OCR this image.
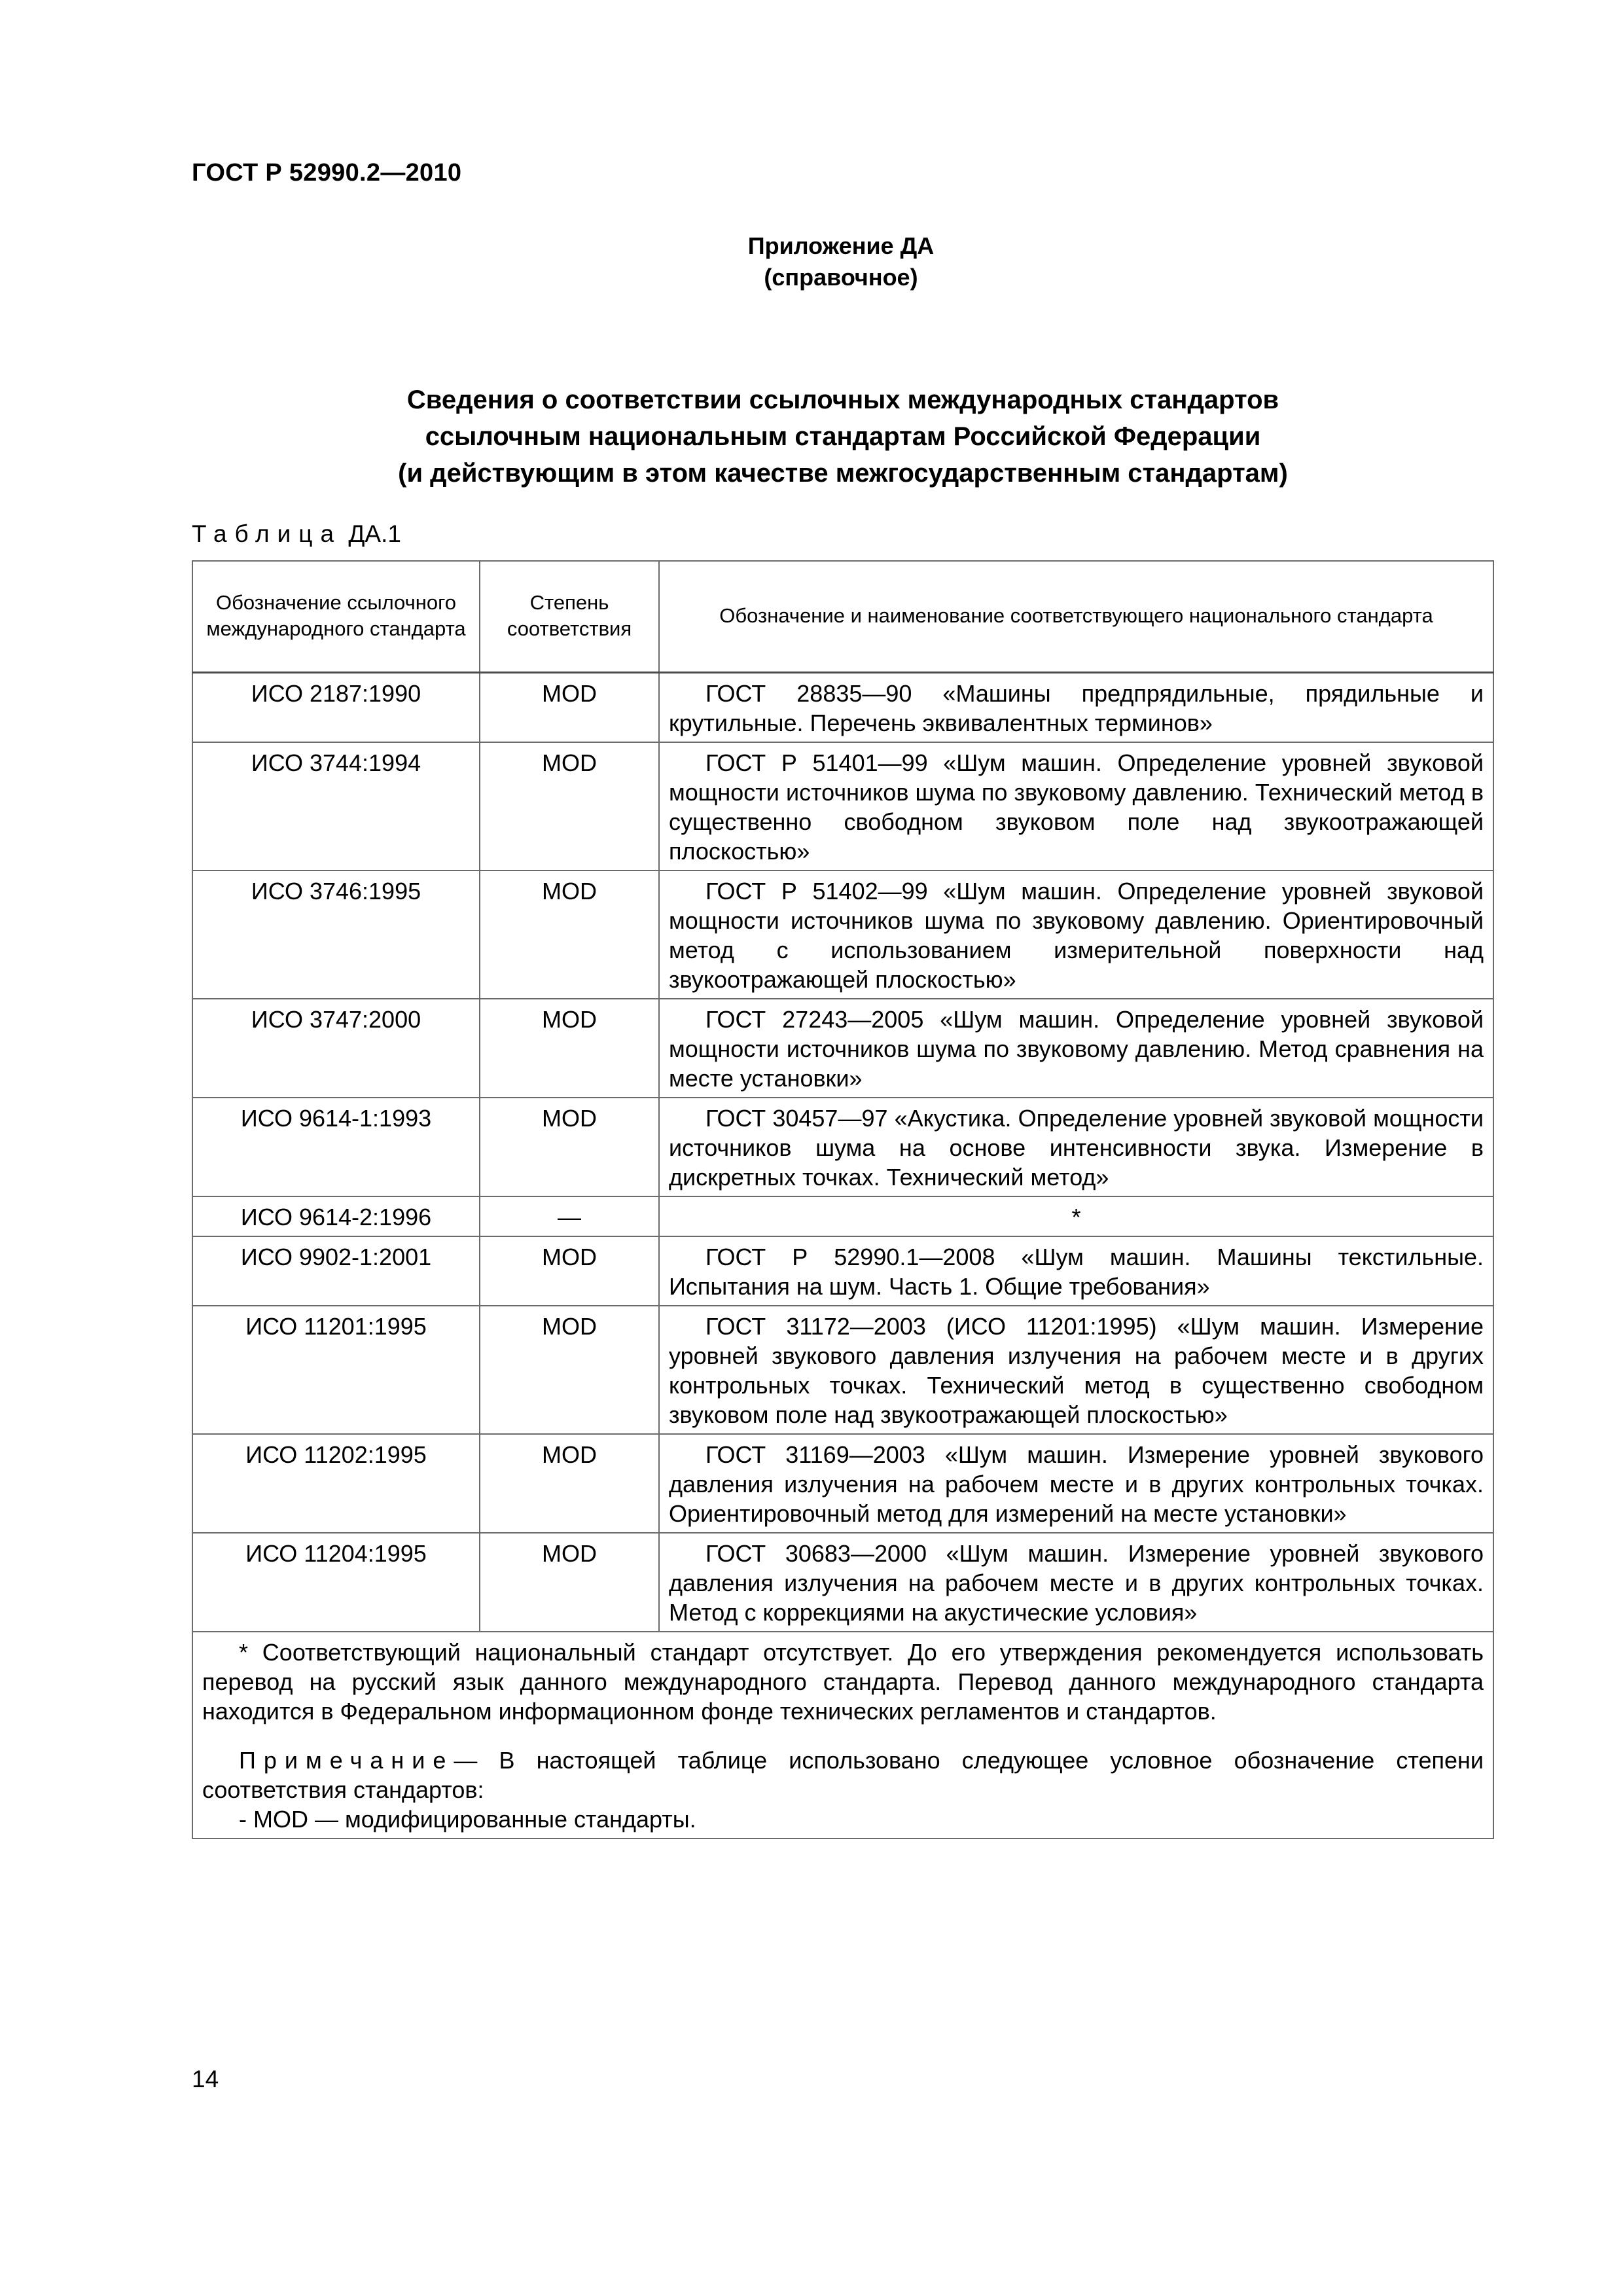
ГОСТ Р 52990.2—2010
Приложение ДА
(справочное)
Сведения о соответствии ссылочных международных стандартов
ссылочным национальным стандартам Российской Федерации
(и действующим в этом качестве межгосударственным стандартам)
Таблица ДА.1
Обозначение ссылочного международного стандарта	Степень соответствия	Обозначение и наименование соответствующего национального стандарта
ИСО 2187:1990	MOD	ГОСТ 28835—90 «Машины предпрядильные, прядильные и крутильные. Перечень эквивалентных терминов»
ИСО 3744:1994	MOD	ГОСТ Р 51401—99 «Шум машин. Определение уровней звуковой мощности источников шума по звуковому давлению. Технический метод в существенно свободном звуковом поле над звукоотражающей плоскостью»
ИСО 3746:1995	MOD	ГОСТ Р 51402—99 «Шум машин. Определение уровней звуковой мощности источников шума по звуковому давлению. Ориентировочный метод с использованием измерительной поверхности над звукоотражающей плоскостью»
ИСО 3747:2000	MOD	ГОСТ 27243—2005 «Шум машин. Определение уровней звуковой мощности источников шума по звуковому давлению. Метод сравнения на месте установки»
ИСО 9614-1:1993	MOD	ГОСТ 30457—97 «Акустика. Определение уровней звуковой мощности источников шума на основе интенсивности звука. Измерение в дискретных точках. Технический метод»
ИСО 9614-2:1996	—	*
ИСО 9902-1:2001	MOD	ГОСТ Р 52990.1—2008 «Шум машин. Машины текстильные. Испытания на шум. Часть 1. Общие требования»
ИСО 11201:1995	MOD	ГОСТ 31172—2003 (ИСО 11201:1995) «Шум машин. Измерение уровней звукового давления излучения на рабочем месте и в других контрольных точках. Технический метод в существенно свободном звуковом поле над звукоотражающей плоскостью»
ИСО 11202:1995	MOD	ГОСТ 31169—2003 «Шум машин. Измерение уровней звукового давления излучения на рабочем месте и в других контрольных точках. Ориентировочный метод для измерений на месте установки»
ИСО 11204:1995	MOD	ГОСТ 30683—2000 «Шум машин. Измерение уровней звукового давления излучения на рабочем месте и в других контрольных точках. Метод с коррекциями на акустические условия»

* Соответствующий национальный стандарт отсутствует. До его утверждения рекомендуется использовать перевод на русский язык данного международного стандарта. Перевод данного международного стандарта находится в Федеральном информационном фонде технических регламентов и стандартов.

Примечание— В настоящей таблице использовано следующее условное обозначение степени соответствия стандартов:

- MOD — модифицированные стандарты.		

14
